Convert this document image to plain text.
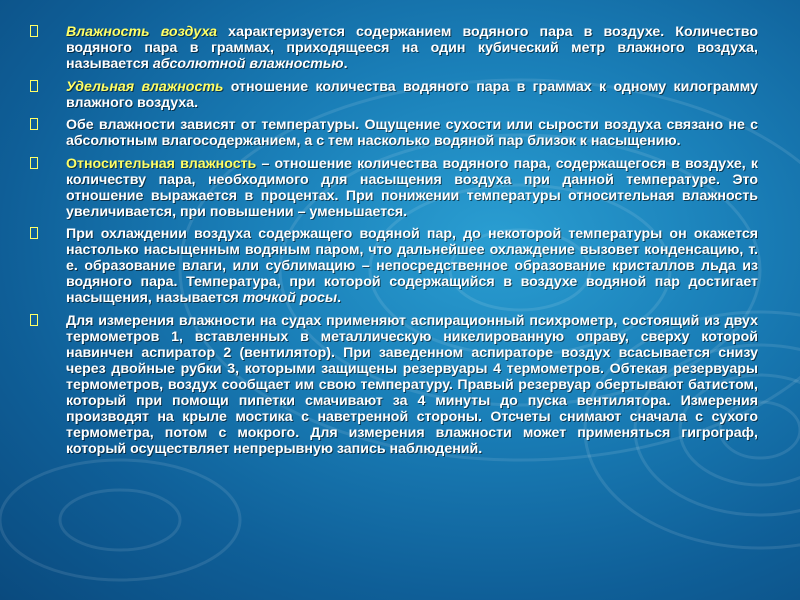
Влажность воздуха характеризуется содержанием водяного пара в воздухе. Количество водяного пара в граммах, приходящееся на один кубический метр влажного воздуха, называется абсолютной влажностью.
Удельная влажность отношение количества водяного пара в граммах к одному килограмму влажного воздуха.
Обе влажности зависят от температуры. Ощущение сухости или сырости воздуха связано не с абсолютным влагосодержанием, а с тем насколько водяной пар близок к насыщению.
Относительная влажность – отношение количества водяного пара, содержащегося в воздухе, к количеству пара, необходимого для насыщения воздуха при данной температуре. Это отношение выражается в процентах. При понижении температуры относительная влажность увеличивается, при повышении – уменьшается.
При охлаждении воздуха содержащего водяной пар, до некоторой температуры он окажется настолько насыщенным водяным паром, что дальнейшее охлаждение вызовет конденсацию, т. е. образование влаги, или сублимацию – непосредственное образование кристаллов льда из водяного пара. Температура, при которой содержащийся в воздухе водяной пар достигает насыщения, называется точкой росы.
Для измерения влажности на судах применяют аспирационный психрометр, состоящий из двух термометров 1, вставленных в металлическую никелированную оправу, сверху которой навинчен аспиратор 2 (вентилятор). При заведенном аспираторе воздух всасывается снизу через двойные рубки 3, которыми защищены резервуары 4 термометров. Обтекая резервуары термометров, воздух сообщает им свою температуру. Правый резервуар обертывают батистом, который при помощи пипетки смачивают за 4 минуты до пуска вентилятора. Измерения производят на крыле мостика с наветренной стороны. Отсчеты снимают сначала с сухого термометра, потом с мокрого. Для измерения влажности может применяться гигрограф, который осуществляет непрерывную запись наблюдений.
